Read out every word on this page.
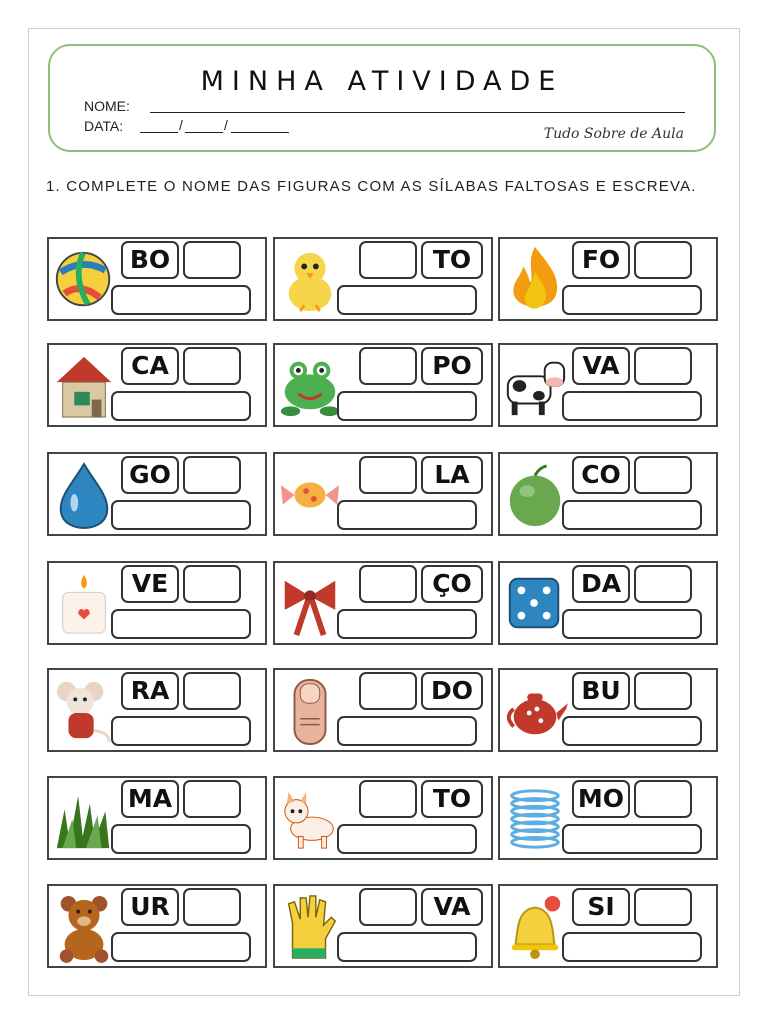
MINHA ATIVIDADE
NOME:
DATA:	/	/
Tudo Sobre de Aula
1. COMPLETE O NOME DAS FIGURAS COM AS SÍLABAS FALTOSAS E ESCREVA.
BO	TO	FO
CA	PO	VA
GO	LA	CO
VE	ÇO	DA
RA	DO	BU
MA	TO	MO
UR	VA	SI
